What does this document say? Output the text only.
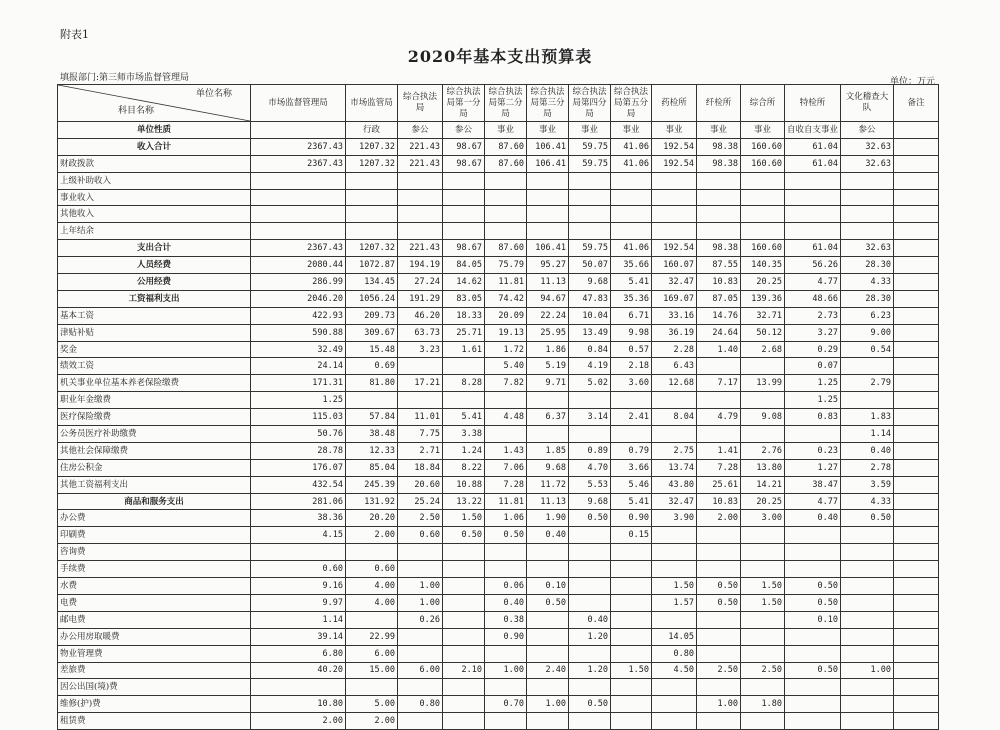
附表1
2020年基本支出预算表
填报部门:第三师市场监督管理局	单位：万元
单位名称
科目名称	市场监督管理局	市场监管局	综合执法局	综合执法局第一分局	综合执法局第二分局	综合执法局第三分局	综合执法局第四分局	综合执法局第五分局	药检所	纤检所	综合所	特检所	文化稽查大队	备注
单位性质		行政	参公	参公	事业	事业	事业	事业	事业	事业	事业	自收自支事业	参公	
收入合计	2367.43	1207.32	221.43	98.67	87.60	106.41	59.75	41.06	192.54	98.38	160.60	61.04	32.63	
财政拨款	2367.43	1207.32	221.43	98.67	87.60	106.41	59.75	41.06	192.54	98.38	160.60	61.04	32.63	
上级补助收入														
事业收入														
其他收入														
上年结余														
支出合计	2367.43	1207.32	221.43	98.67	87.60	106.41	59.75	41.06	192.54	98.38	160.60	61.04	32.63	
人员经费	2080.44	1072.87	194.19	84.05	75.79	95.27	50.07	35.66	160.07	87.55	140.35	56.26	28.30	
公用经费	286.99	134.45	27.24	14.62	11.81	11.13	9.68	5.41	32.47	10.83	20.25	4.77	4.33	
工资福利支出	2046.20	1056.24	191.29	83.05	74.42	94.67	47.83	35.36	169.07	87.05	139.36	48.66	28.30	
基本工资	422.93	209.73	46.20	18.33	20.09	22.24	10.04	6.71	33.16	14.76	32.71	2.73	6.23	
津贴补贴	590.88	309.67	63.73	25.71	19.13	25.95	13.49	9.98	36.19	24.64	50.12	3.27	9.00	
奖金	32.49	15.48	3.23	1.61	1.72	1.86	0.84	0.57	2.28	1.40	2.68	0.29	0.54	
绩效工资	24.14	0.69			5.40	5.19	4.19	2.18	6.43			0.07		
机关事业单位基本养老保险缴费	171.31	81.80	17.21	8.28	7.82	9.71	5.02	3.60	12.68	7.17	13.99	1.25	2.79	
职业年金缴费	1.25											1.25		
医疗保险缴费	115.03	57.84	11.01	5.41	4.48	6.37	3.14	2.41	8.04	4.79	9.08	0.83	1.83	
公务员医疗补助缴费	50.76	38.48	7.75	3.38									1.14	
其他社会保障缴费	28.78	12.33	2.71	1.24	1.43	1.85	0.89	0.79	2.75	1.41	2.76	0.23	0.40	
住房公积金	176.07	85.04	18.84	8.22	7.06	9.68	4.70	3.66	13.74	7.28	13.80	1.27	2.78	
其他工资福利支出	432.54	245.39	20.60	10.88	7.28	11.72	5.53	5.46	43.80	25.61	14.21	38.47	3.59	
商品和服务支出	281.06	131.92	25.24	13.22	11.81	11.13	9.68	5.41	32.47	10.83	20.25	4.77	4.33	
办公费	38.36	20.20	2.50	1.50	1.06	1.90	0.50	0.90	3.90	2.00	3.00	0.40	0.50	
印刷费	4.15	2.00	0.60	0.50	0.50	0.40		0.15						
咨询费														
手续费	0.60	0.60												
水费	9.16	4.00	1.00		0.06	0.10			1.50	0.50	1.50	0.50		
电费	9.97	4.00	1.00		0.40	0.50			1.57	0.50	1.50	0.50		
邮电费	1.14		0.26		0.38		0.40					0.10		
办公用房取暖费	39.14	22.99			0.90		1.20		14.05					
物业管理费	6.80	6.00							0.80					
差旅费	40.20	15.00	6.00	2.10	1.00	2.40	1.20	1.50	4.50	2.50	2.50	0.50	1.00	
因公出国(境)费														
维修(护)费	10.80	5.00	0.80		0.70	1.00	0.50			1.00	1.80			
租赁费	2.00	2.00												
